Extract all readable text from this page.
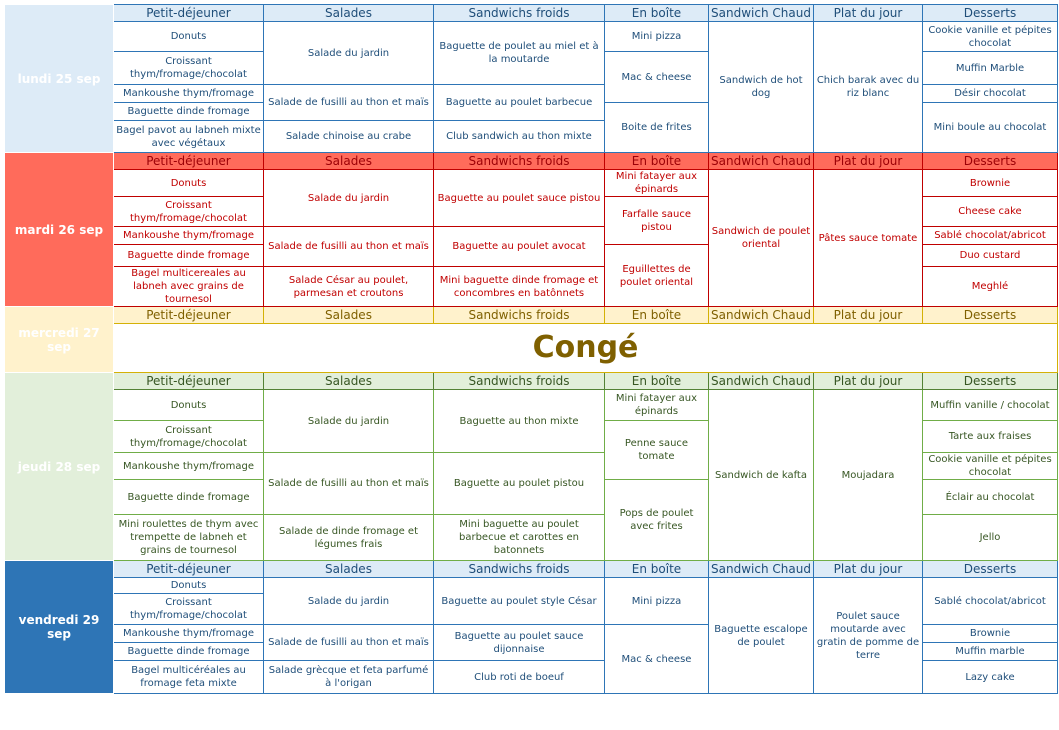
lundi 25 sep	Petit-déjeuner	Salades	Sandwichs froids	En boîte	Sandwich Chaud	Plat du jour	Desserts
	Donuts	Salade du jardin	Baguette de poulet au miel et à la moutarde	Mini pizza	Sandwich de hot dog	Chich barak avec du riz blanc	Cookie vanille et pépites chocolat
	Croissant thym/fromage/chocolat			Mac & cheese			Muffin Marble
	Mankoushe thym/fromage	Salade de fusilli au thon et maïs	Baguette au poulet barbecue				Désir chocolat
	Baguette dinde fromage			Boite de frites			Mini boule au chocolat
	Bagel pavot au labneh mixte avec végétaux	Salade chinoise au crabe	Club sandwich au thon mixte				
mardi 26 sep	Petit-déjeuner	Salades	Sandwichs froids	En boîte	Sandwich Chaud	Plat du jour	Desserts
	Donuts	Salade du jardin	Baguette au poulet sauce pistou	Mini fatayer aux épinards	Sandwich de poulet oriental	Pâtes sauce tomate	Brownie
	Croissant thym/fromage/chocolat			Farfalle sauce pistou			Cheese cake
	Mankoushe thym/fromage	Salade de fusilli au thon et maïs	Baguette au poulet avocat				Sablé chocolat/abricot
	Baguette dinde fromage			Eguillettes de poulet oriental			Duo custard
	Bagel multicereales au labneh avec grains de tournesol	Salade César au poulet, parmesan et croutons	Mini baguette dinde fromage et concombres en batônnets				Meghlé
mercredi 27 sep	Petit-déjeuner	Salades	Sandwichs froids	En boîte	Sandwich Chaud	Plat du jour	Desserts
	Congé						
jeudi 28 sep	Petit-déjeuner	Salades	Sandwichs froids	En boîte	Sandwich Chaud	Plat du jour	Desserts
	Donuts	Salade du jardin	Baguette au thon mixte	Mini fatayer aux épinards	Sandwich de kafta	Moujadara	Muffin vanille / chocolat
	Croissant thym/fromage/chocolat			Penne sauce tomate			Tarte aux fraises
	Mankoushe thym/fromage	Salade de fusilli au thon et maïs	Baguette au poulet pistou				Cookie vanille et pépites chocolat
	Baguette dinde fromage			Pops de poulet avec frites			Éclair au chocolat
	Mini roulettes de thym avec trempette de labneh et grains de tournesol	Salade de dinde fromage et légumes frais	Mini baguette au poulet barbecue et carottes en batonnets				Jello
vendredi 29 sep	Petit-déjeuner	Salades	Sandwichs froids	En boîte	Sandwich Chaud	Plat du jour	Desserts
	Donuts	Salade du jardin	Baguette au poulet style César	Mini pizza	Baguette escalope de poulet	Poulet sauce moutarde avec gratin de pomme de terre	Sablé chocolat/abricot
	Croissant thym/fromage/chocolat						
	Mankoushe thym/fromage	Salade de fusilli au thon et maïs	Baguette au poulet sauce dijonnaise	Mac & cheese			Brownie
	Baguette dinde fromage						Muffin marble
	Bagel multicéréales au fromage feta mixte	Salade grècque et feta parfumé à l'origan	Club roti de boeuf				Lazy cake
